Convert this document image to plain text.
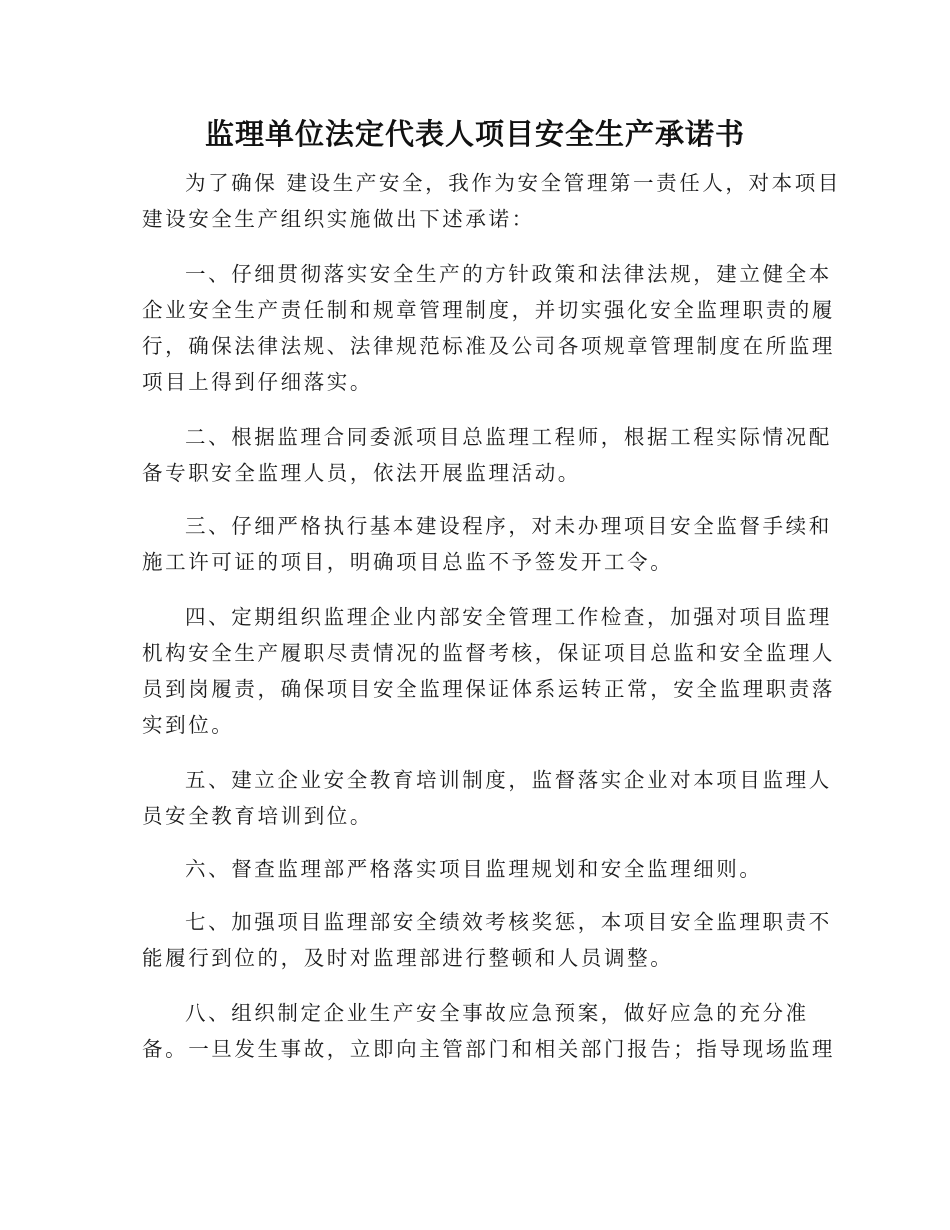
监理单位法定代表人项目安全生产承诺书
为了确保 建设生产安全，我作为安全管理第一责任人，对本项目
建设安全生产组织实施做出下述承诺：
一、仔细贯彻落实安全生产的方针政策和法律法规，建立健全本
企业安全生产责任制和规章管理制度，并切实强化安全监理职责的履
行，确保法律法规、法律规范标准及公司各项规章管理制度在所监理
项目上得到仔细落实。
二、根据监理合同委派项目总监理工程师，根据工程实际情况配
备专职安全监理人员，依法开展监理活动。
三、仔细严格执行基本建设程序，对未办理项目安全监督手续和
施工许可证的项目，明确项目总监不予签发开工令。
四、定期组织监理企业内部安全管理工作检查，加强对项目监理
机构安全生产履职尽责情况的监督考核，保证项目总监和安全监理人
员到岗履责，确保项目安全监理保证体系运转正常，安全监理职责落
实到位。
五、建立企业安全教育培训制度，监督落实企业对本项目监理人
员安全教育培训到位。
六、督查监理部严格落实项目监理规划和安全监理细则。
七、加强项目监理部安全绩效考核奖惩，本项目安全监理职责不
能履行到位的，及时对监理部进行整顿和人员调整。
八、组织制定企业生产安全事故应急预案，做好应急的充分准
备。一旦发生事故，立即向主管部门和相关部门报告；指导现场监理
